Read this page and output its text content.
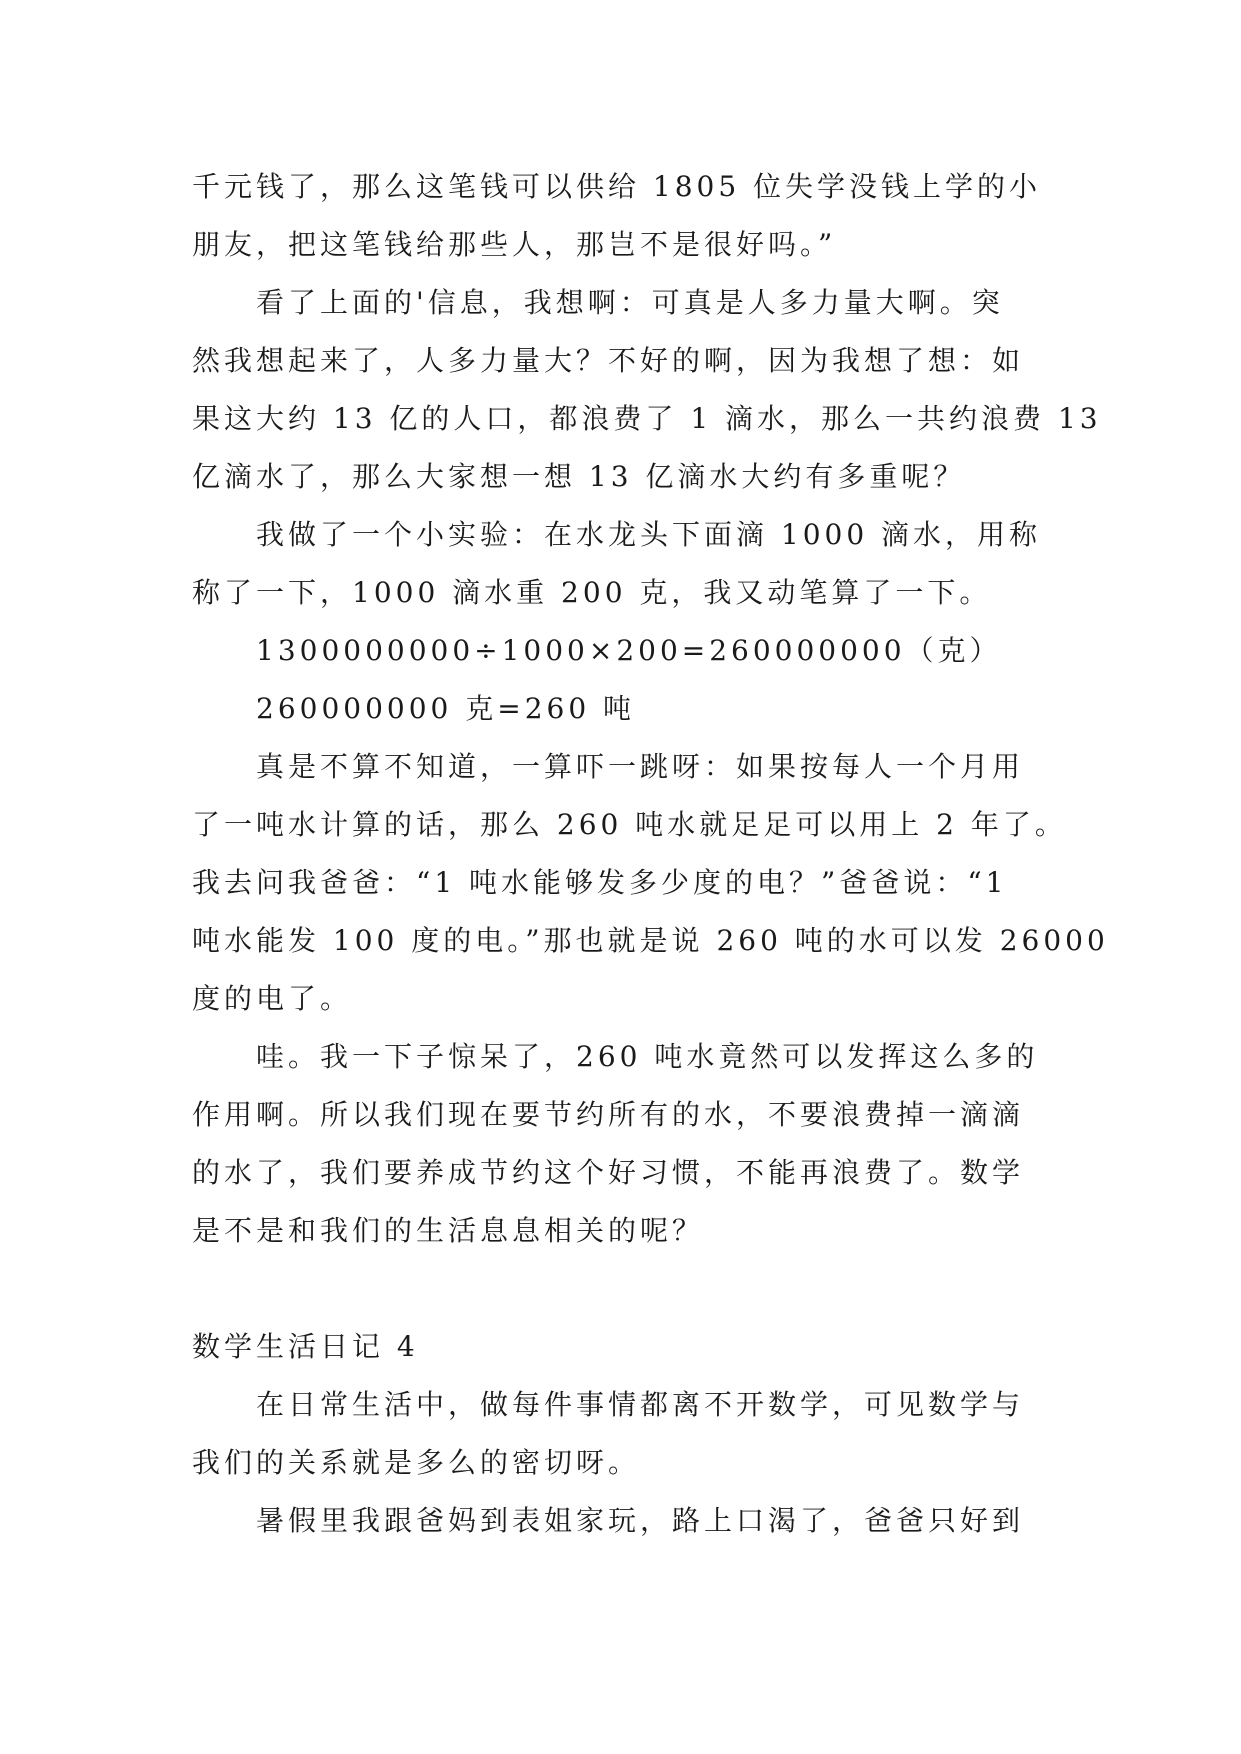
千元钱了，那么这笔钱可以供给 1805 位失学没钱上学的小
朋友，把这笔钱给那些人，那岂不是很好吗。”
看了上面的'信息，我想啊：可真是人多力量大啊。突
然我想起来了，人多力量大？不好的啊，因为我想了想：如
果这大约 13 亿的人口，都浪费了 1 滴水，那么一共约浪费 13
亿滴水了，那么大家想一想 13 亿滴水大约有多重呢？
我做了一个小实验：在水龙头下面滴 1000 滴水，用称
称了一下，1000 滴水重 200 克，我又动笔算了一下。
1300000000÷1000×200=260000000（克）
260000000 克=260 吨
真是不算不知道，一算吓一跳呀：如果按每人一个月用
了一吨水计算的话，那么 260 吨水就足足可以用上 2 年了。
我去问我爸爸：“1 吨水能够发多少度的电？”爸爸说：“1
吨水能发 100 度的电。”那也就是说 260 吨的水可以发 26000
度的电了。
哇。我一下子惊呆了，260 吨水竟然可以发挥这么多的
作用啊。所以我们现在要节约所有的水，不要浪费掉一滴滴
的水了，我们要养成节约这个好习惯，不能再浪费了。数学
是不是和我们的生活息息相关的呢？
数学生活日记 4
在日常生活中，做每件事情都离不开数学，可见数学与
我们的关系就是多么的密切呀。
暑假里我跟爸妈到表姐家玩，路上口渴了，爸爸只好到
